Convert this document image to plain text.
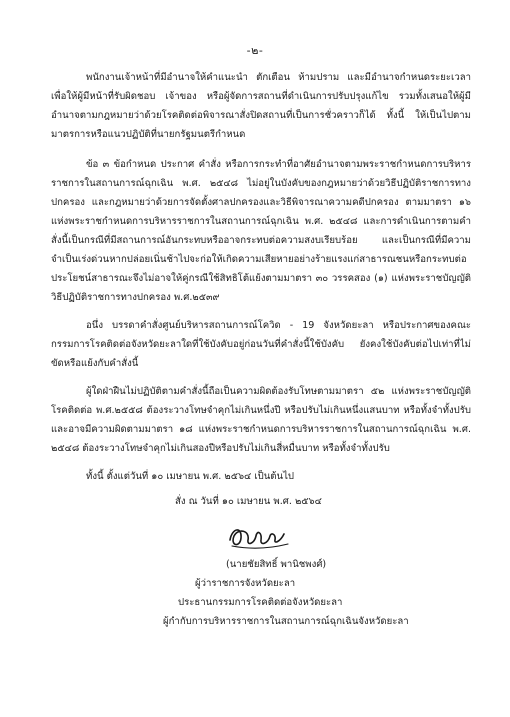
-๒-

พนักงานเจ้าหน้าที่มีอำนาจให้คำแนะนำ ตักเตือน ห้ามปราม และมีอำนาจกำหนดระยะเวลา เพื่อให้ผู้มีหน้าที่รับผิดชอบ เจ้าของ หรือผู้จัดการสถานที่ดำเนินการปรับปรุงแก้ไข รวมทั้งเสนอให้ผู้มีอำนาจตามกฎหมายว่าด้วยโรคติดต่อพิจารณาสั่งปิดสถานที่เป็นการชั่วคราวก็ได้ ทั้งนี้ ให้เป็นไปตามมาตรการหรือแนวปฏิบัติที่นายกรัฐมนตรีกำหนด

ข้อ ๓ ข้อกำหนด ประกาศ คำสั่ง หรือการกระทำที่อาศัยอำนาจตามพระราชกำหนดการบริหารราชการในสถานการณ์ฉุกเฉิน พ.ศ. ๒๕๔๘ ไม่อยู่ในบังคับของกฎหมายว่าด้วยวิธีปฏิบัติราชการทางปกครอง และกฎหมายว่าด้วยการจัดตั้งศาลปกครองและวิธีพิจารณาความคดีปกครอง ตามมาตรา ๑๖ แห่งพระราชกำหนดการบริหารราชการในสถานการณ์ฉุกเฉิน พ.ศ. ๒๕๔๘ และการดำเนินการตามคำสั่งนี้เป็นกรณีที่มีสถานการณ์อันกระทบหรืออาจกระทบต่อความสงบเรียบร้อย และเป็นกรณีที่มีความจำเป็นเร่งด่วนหากปล่อยเนิ่นช้าไปจะก่อให้เกิดความเสียหายอย่างร้ายแรงแก่สาธารณชนหรือกระทบต่อประโยชน์สาธารณะจึงไม่อาจให้คู่กรณีใช้สิทธิโต้แย้งตามมาตรา ๓๐ วรรคสอง (๑) แห่งพระราชบัญญัติวิธีปฏิบัติราชการทางปกครอง พ.ศ.๒๕๓๙

อนึ่ง บรรดาคำสั่งศูนย์บริหารสถานการณ์โควิด - 19 จังหวัดยะลา หรือประกาศของคณะกรรมการโรคติดต่อจังหวัดยะลาใดที่ใช้บังคับอยู่ก่อนวันที่คำสั่งนี้ใช้บังคับ ยังคงใช้บังคับต่อไปเท่าที่ไม่ขัดหรือแย้งกับคำสั่งนี้

ผู้ใดฝ่าฝืนไม่ปฏิบัติตามคำสั่งนี้ถือเป็นความผิดต้องรับโทษตามมาตรา ๕๒ แห่งพระราชบัญญัติโรคติดต่อ พ.ศ.๒๕๕๘ ต้องระวางโทษจำคุกไม่เกินหนึ่งปี หรือปรับไม่เกินหนึ่งแสนบาท หรือทั้งจำทั้งปรับ และอาจมีความผิดตามมาตรา ๑๘ แห่งพระราชกำหนดการบริหารราชการในสถานการณ์ฉุกเฉิน พ.ศ. ๒๕๔๘ ต้องระวางโทษจำคุกไม่เกินสองปีหรือปรับไม่เกินสี่หมื่นบาท หรือทั้งจำทั้งปรับ

ทั้งนี้ ตั้งแต่วันที่ ๑๐ เมษายน พ.ศ. ๒๕๖๔ เป็นต้นไป

สั่ง ณ วันที่ ๑๐ เมษายน พ.ศ. ๒๕๖๔
(นายชัยสิทธิ์ พานิชพงศ์)
ผู้ว่าราชการจังหวัดยะลา
ประธานกรรมการโรคติดต่อจังหวัดยะลา
ผู้กำกับการบริหารราชการในสถานการณ์ฉุกเฉินจังหวัดยะลา
